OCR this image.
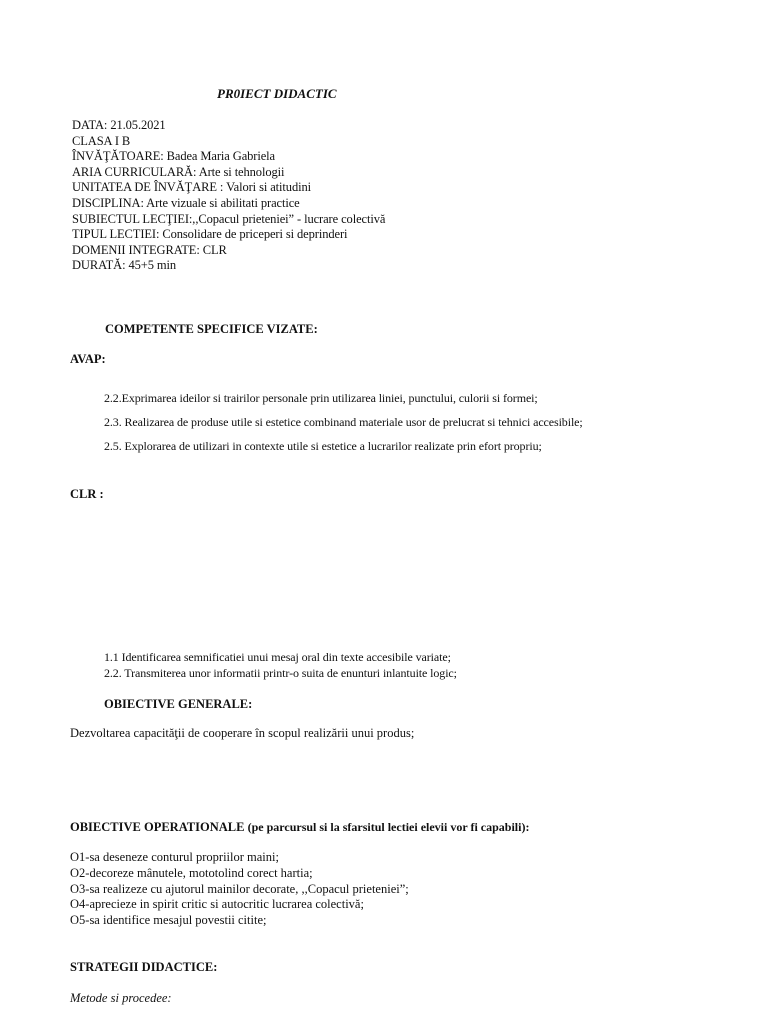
PR0IECT DIDACTIC
DATA: 21.05.2021
CLASA I B
ÎNVĂŢĂTOARE: Badea Maria Gabriela
ARIA CURRICULARĂ: Arte si tehnologii
UNITATEA DE ÎNVĂŢARE : Valori si atitudini
DISCIPLINA: Arte vizuale si abilitati practice
SUBIECTUL LECŢIEI:,,Copacul prieteniei” - lucrare colectivă
TIPUL LECTIEI: Consolidare de priceperi si deprinderi
DOMENII INTEGRATE: CLR
DURATĂ: 45+5 min
COMPETENTE SPECIFICE VIZATE:
AVAP:
2.2.Exprimarea ideilor si trairilor personale prin utilizarea liniei, punctului, culorii si formei;
2.3. Realizarea de produse utile si estetice combinand materiale usor de prelucrat si tehnici accesibile;
2.5. Explorarea de utilizari in contexte utile si estetice a lucrarilor realizate prin efort propriu;
CLR :
1.1 Identificarea semnificatiei unui mesaj oral din texte accesibile variate;
2.2. Transmiterea unor informatii printr-o suita de enunturi inlantuite logic;
OBIECTIVE GENERALE:
Dezvoltarea capacităţii de cooperare în scopul realizării unui produs;
OBIECTIVE OPERATIONALE (pe parcursul si la sfarsitul lectiei elevii vor fi capabili):
O1-sa deseneze conturul propriilor maini;
O2-decoreze mânutele, mototolind corect hartia;
O3-sa realizeze cu ajutorul mainilor decorate, ,,Copacul prieteniei”;
O4-aprecieze in spirit critic si autocritic lucrarea colectivă;
O5-sa identifice mesajul povestii citite;
STRATEGII DIDACTICE:
Metode si procedee:
